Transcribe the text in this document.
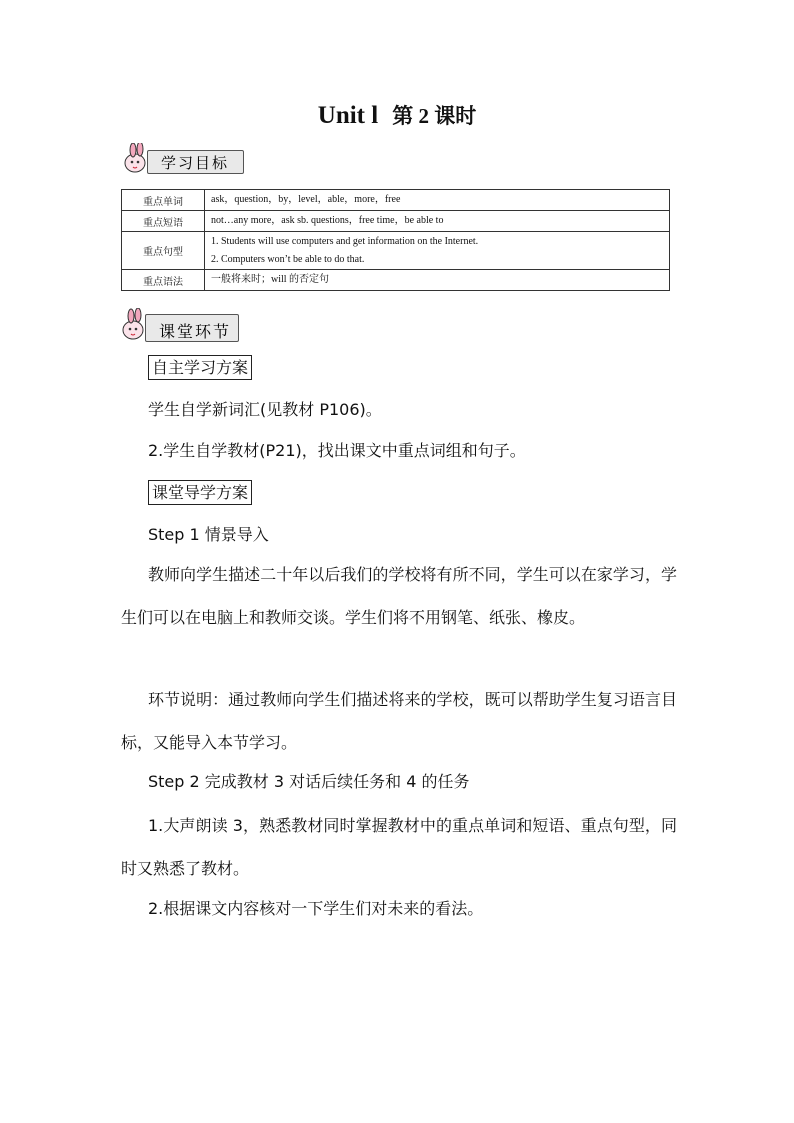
Unit l 第 2 课时
学习目标
重点单词	ask，question，by，level，able，more，free
重点短语	not…any more，ask sb. questions，free time，be able to
重点句型	1. Students will use computers and get information on the Internet.
2. Computers won’t be able to do that.

重点语法	一般将来时；will 的否定句
课堂环节
自主学习方案
学生自学新词汇(见教材 P106)。
2.学生自学教材(P21)，找出课文中重点词组和句子。
课堂导学方案
Step 1 情景导入
教师向学生描述二十年以后我们的学校将有所不同，学生可以在家学习，学生们可以在电脑上和教师交谈。学生们将不用钢笔、纸张、橡皮。
环节说明：通过教师向学生们描述将来的学校，既可以帮助学生复习语言目标，又能导入本节学习。
Step 2 完成教材 3 对话后续任务和 4 的任务
1.大声朗读 3，熟悉教材同时掌握教材中的重点单词和短语、重点句型，同时又熟悉了教材。
2.根据课文内容核对一下学生们对未来的看法。
